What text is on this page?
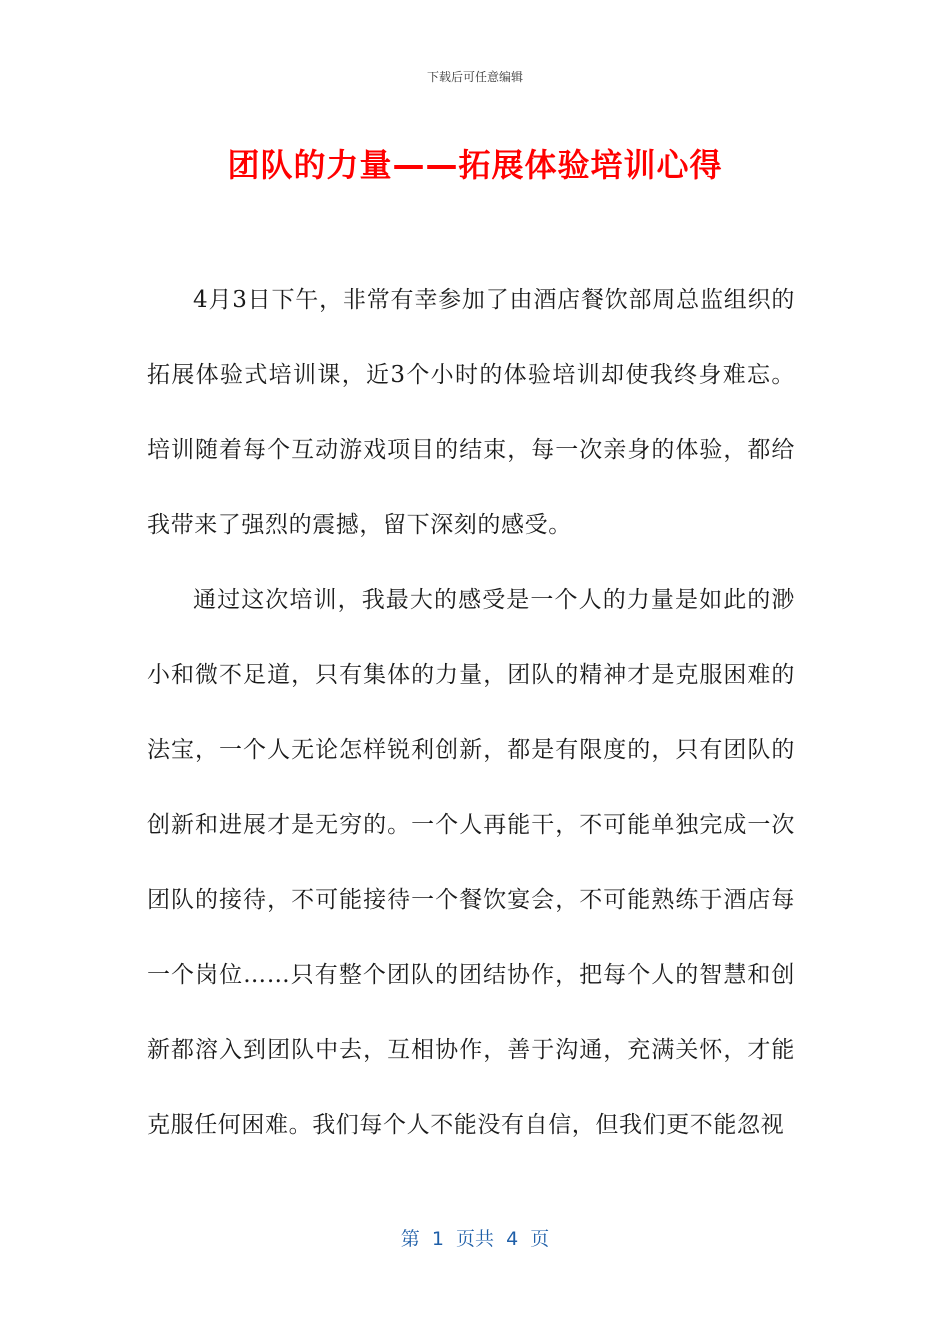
下载后可任意编辑
团队的力量——拓展体验培训心得

4月3日下午，非常有幸参加了由酒店餐饮部周总监组织的拓展体验式培训课，近3个小时的体验培训却使我终身难忘。培训随着每个互动游戏项目的结束，每一次亲身的体验，都给我带来了强烈的震撼，留下深刻的感受。

通过这次培训，我最大的感受是一个人的力量是如此的渺小和微不足道，只有集体的力量，团队的精神才是克服困难的法宝，一个人无论怎样锐利创新，都是有限度的，只有团队的创新和进展才是无穷的。一个人再能干，不可能单独完成一次团队的接待，不可能接待一个餐饮宴会，不可能熟练于酒店每一个岗位……只有整个团队的团结协作，把每个人的智慧和创新都溶入到团队中去，互相协作，善于沟通，充满关怀，才能克服任何困难。我们每个人不能没有自信，但我们更不能忽视

第  1  页共  4  页
